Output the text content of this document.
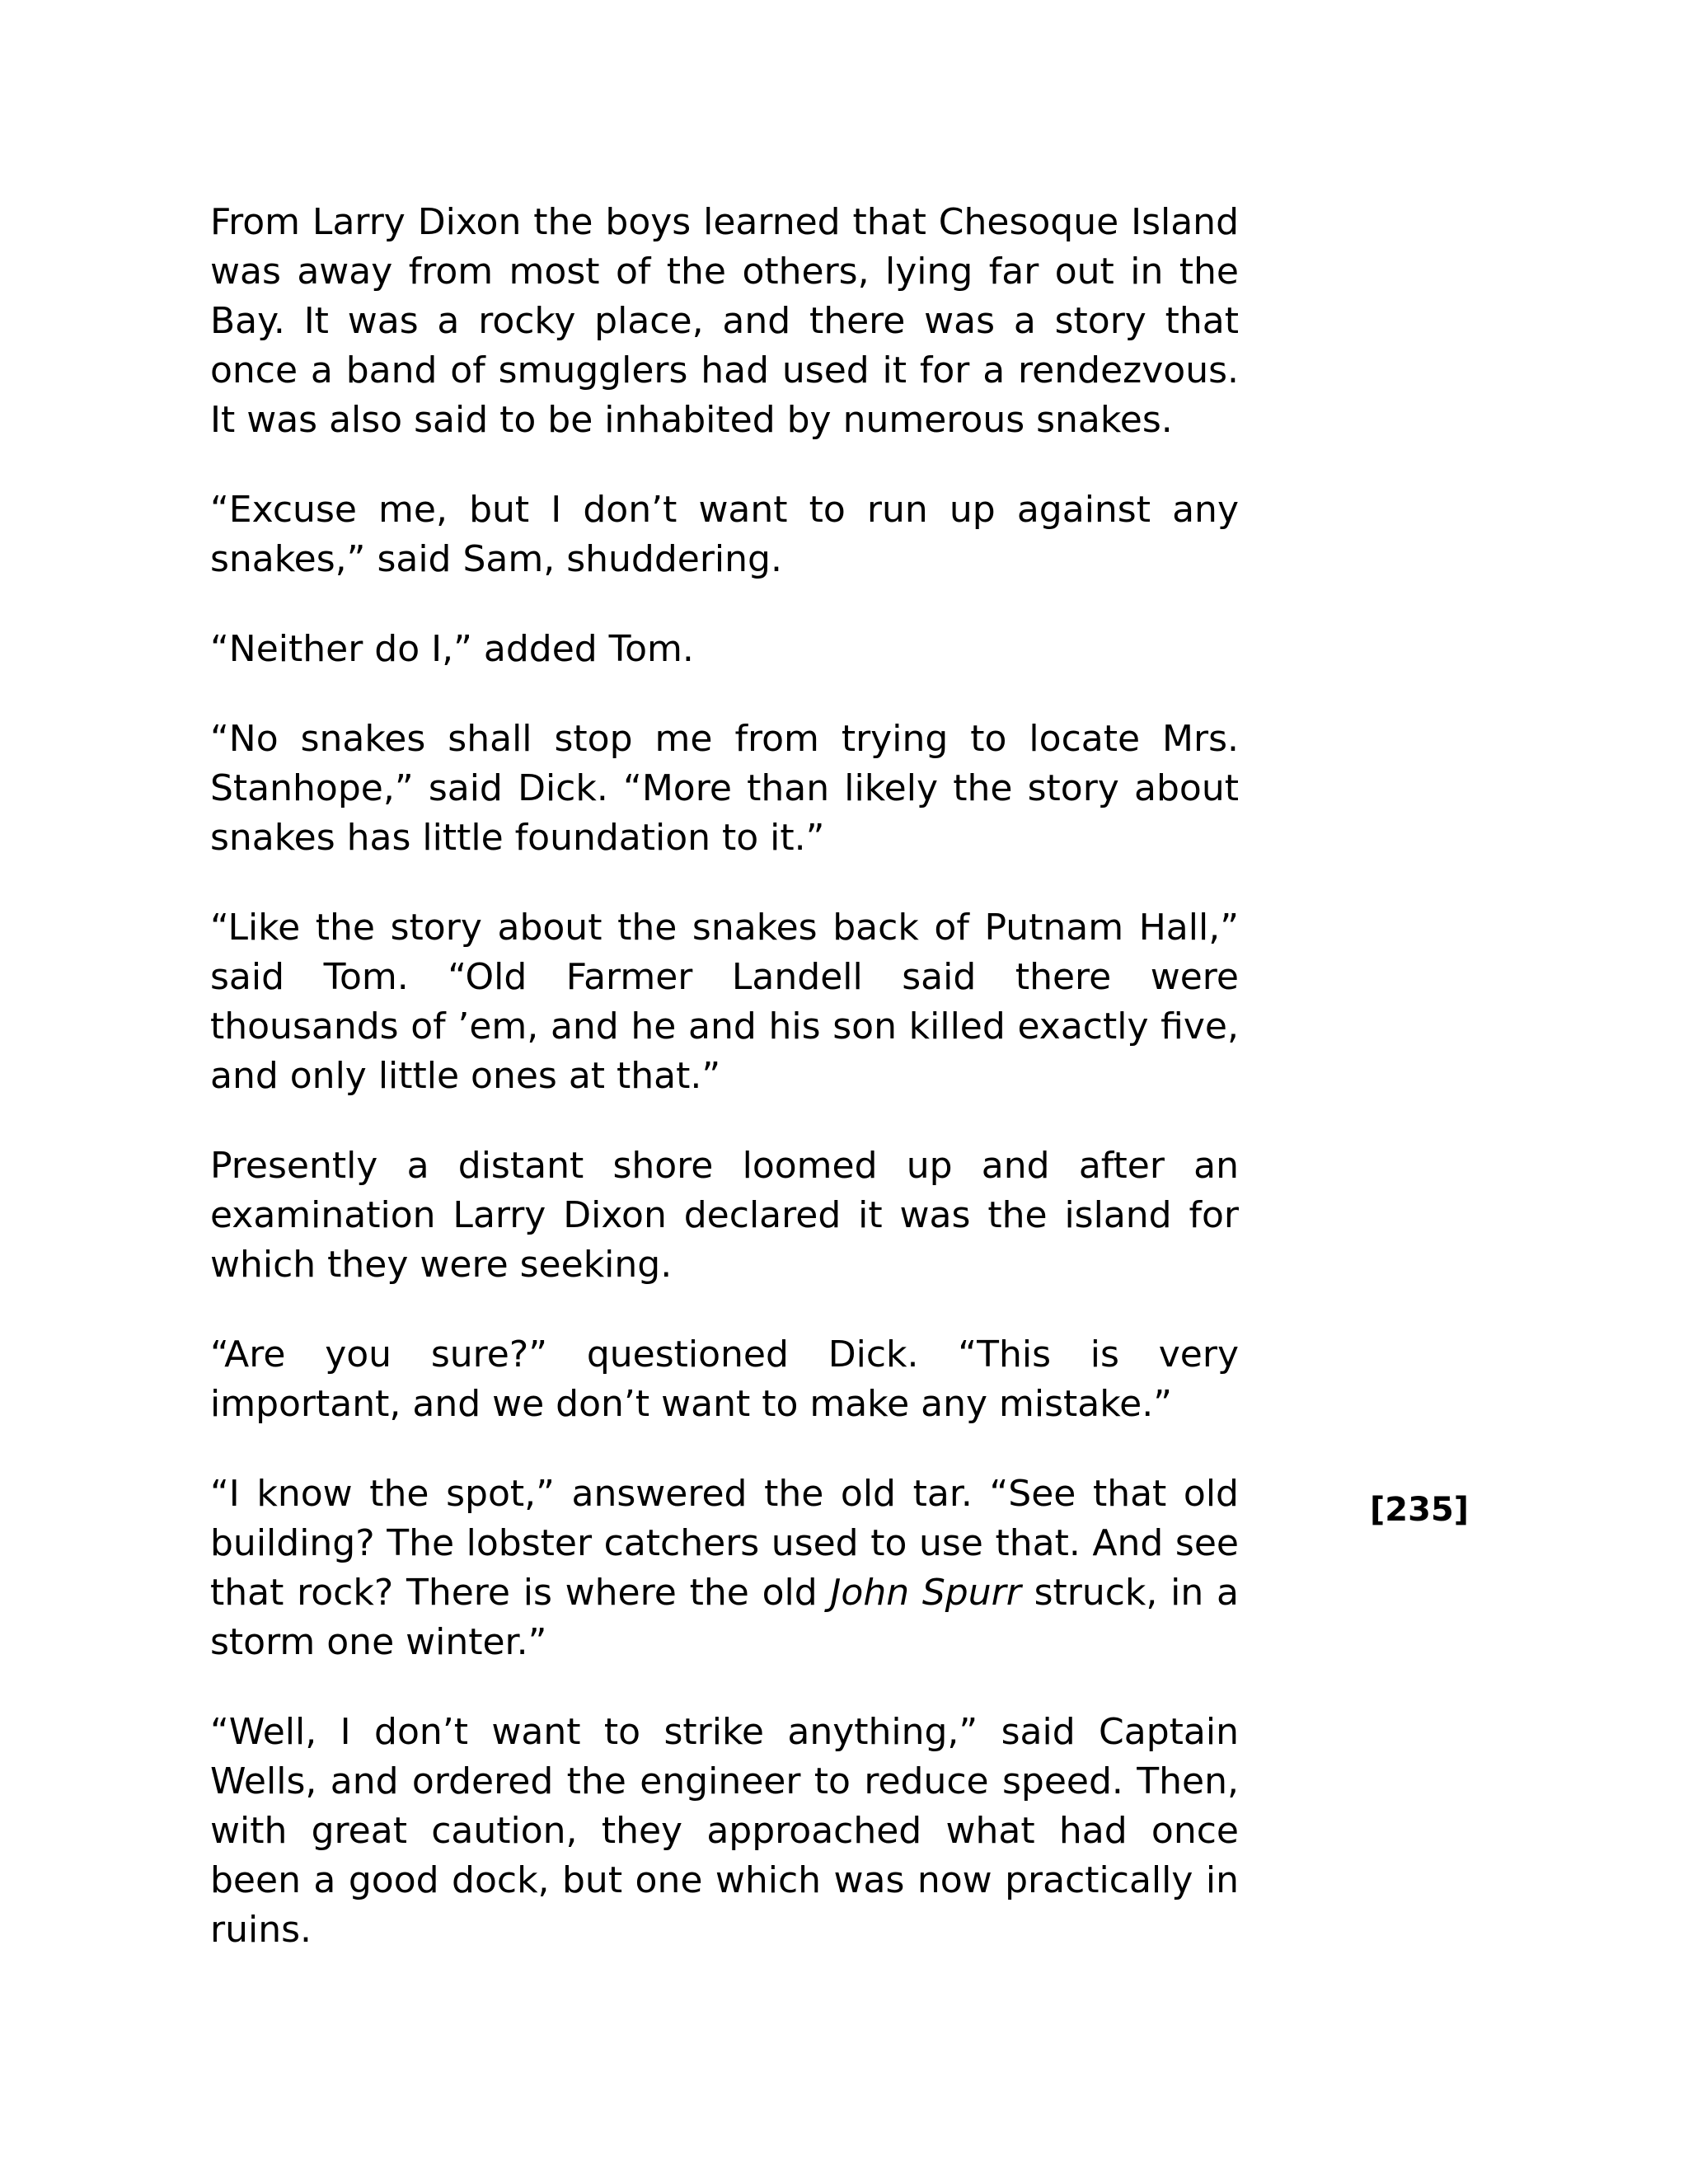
From Larry Dixon the boys learned that Chesoque Island was away from most of the others, lying far out in the Bay. It was a rocky place, and there was a story that once a band of smugglers had used it for a rendezvous. It was also said to be inhabited by numerous snakes.

“Excuse me, but I don’t want to run up against any snakes,” said Sam, shuddering.

“Neither do I,” added Tom.

“No snakes shall stop me from trying to locate Mrs. Stanhope,” said Dick. “More than likely the story about snakes has little foundation to it.”

“Like the story about the snakes back of Putnam Hall,” said Tom. “Old Farmer Landell said there were thousands of ’em, and he and his son killed exactly five, and only little ones at that.”

Presently a distant shore loomed up and after an examination Larry Dixon declared it was the island for which they were seeking.

“Are you sure?” questioned Dick. “This is very important, and we don’t want to make any mistake.”

“I know the spot,” answered the old tar. “See that old building? The lobster catchers used to use that. And see that rock? There is where the old John Spurr struck, in a storm one winter.”

“Well, I don’t want to strike anything,” said Captain Wells, and ordered the engineer to reduce speed. Then, with great caution, they approached what had once been a good dock, but one which was now practically in ruins.

[235]
